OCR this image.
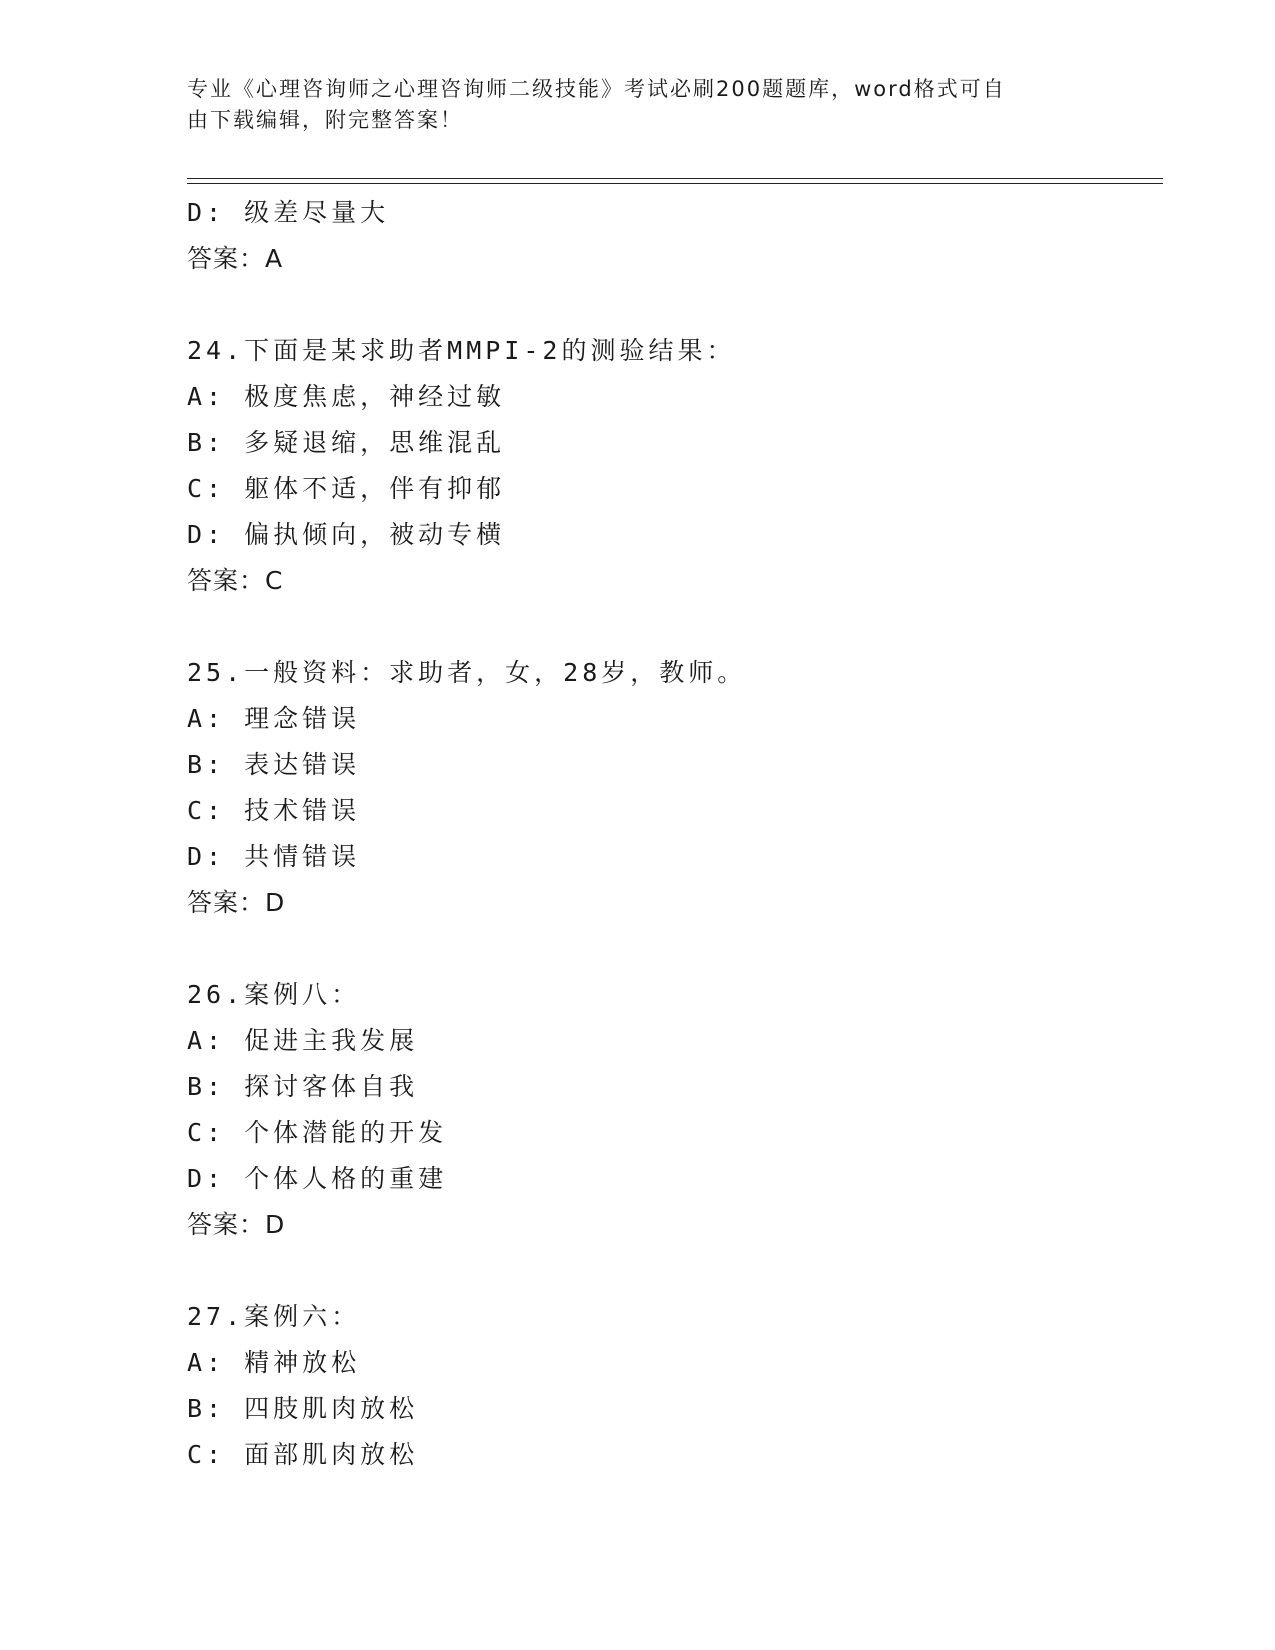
专业《心理咨询师之心理咨询师二级技能》考试必刷200题题库，word格式可自
由下载编辑，附完整答案！
D: 级差尽量大
答案：A
24.下面是某求助者MMPI-2的测验结果：
A: 极度焦虑，神经过敏
B: 多疑退缩，思维混乱
C: 躯体不适，伴有抑郁
D: 偏执倾向，被动专横
答案：C
25.一般资料：求助者，女，28岁，教师。
A: 理念错误
B: 表达错误
C: 技术错误
D: 共情错误
答案：D
26.案例八：
A: 促进主我发展
B: 探讨客体自我
C: 个体潜能的开发
D: 个体人格的重建
答案：D
27.案例六：
A: 精神放松
B: 四肢肌肉放松
C: 面部肌肉放松
